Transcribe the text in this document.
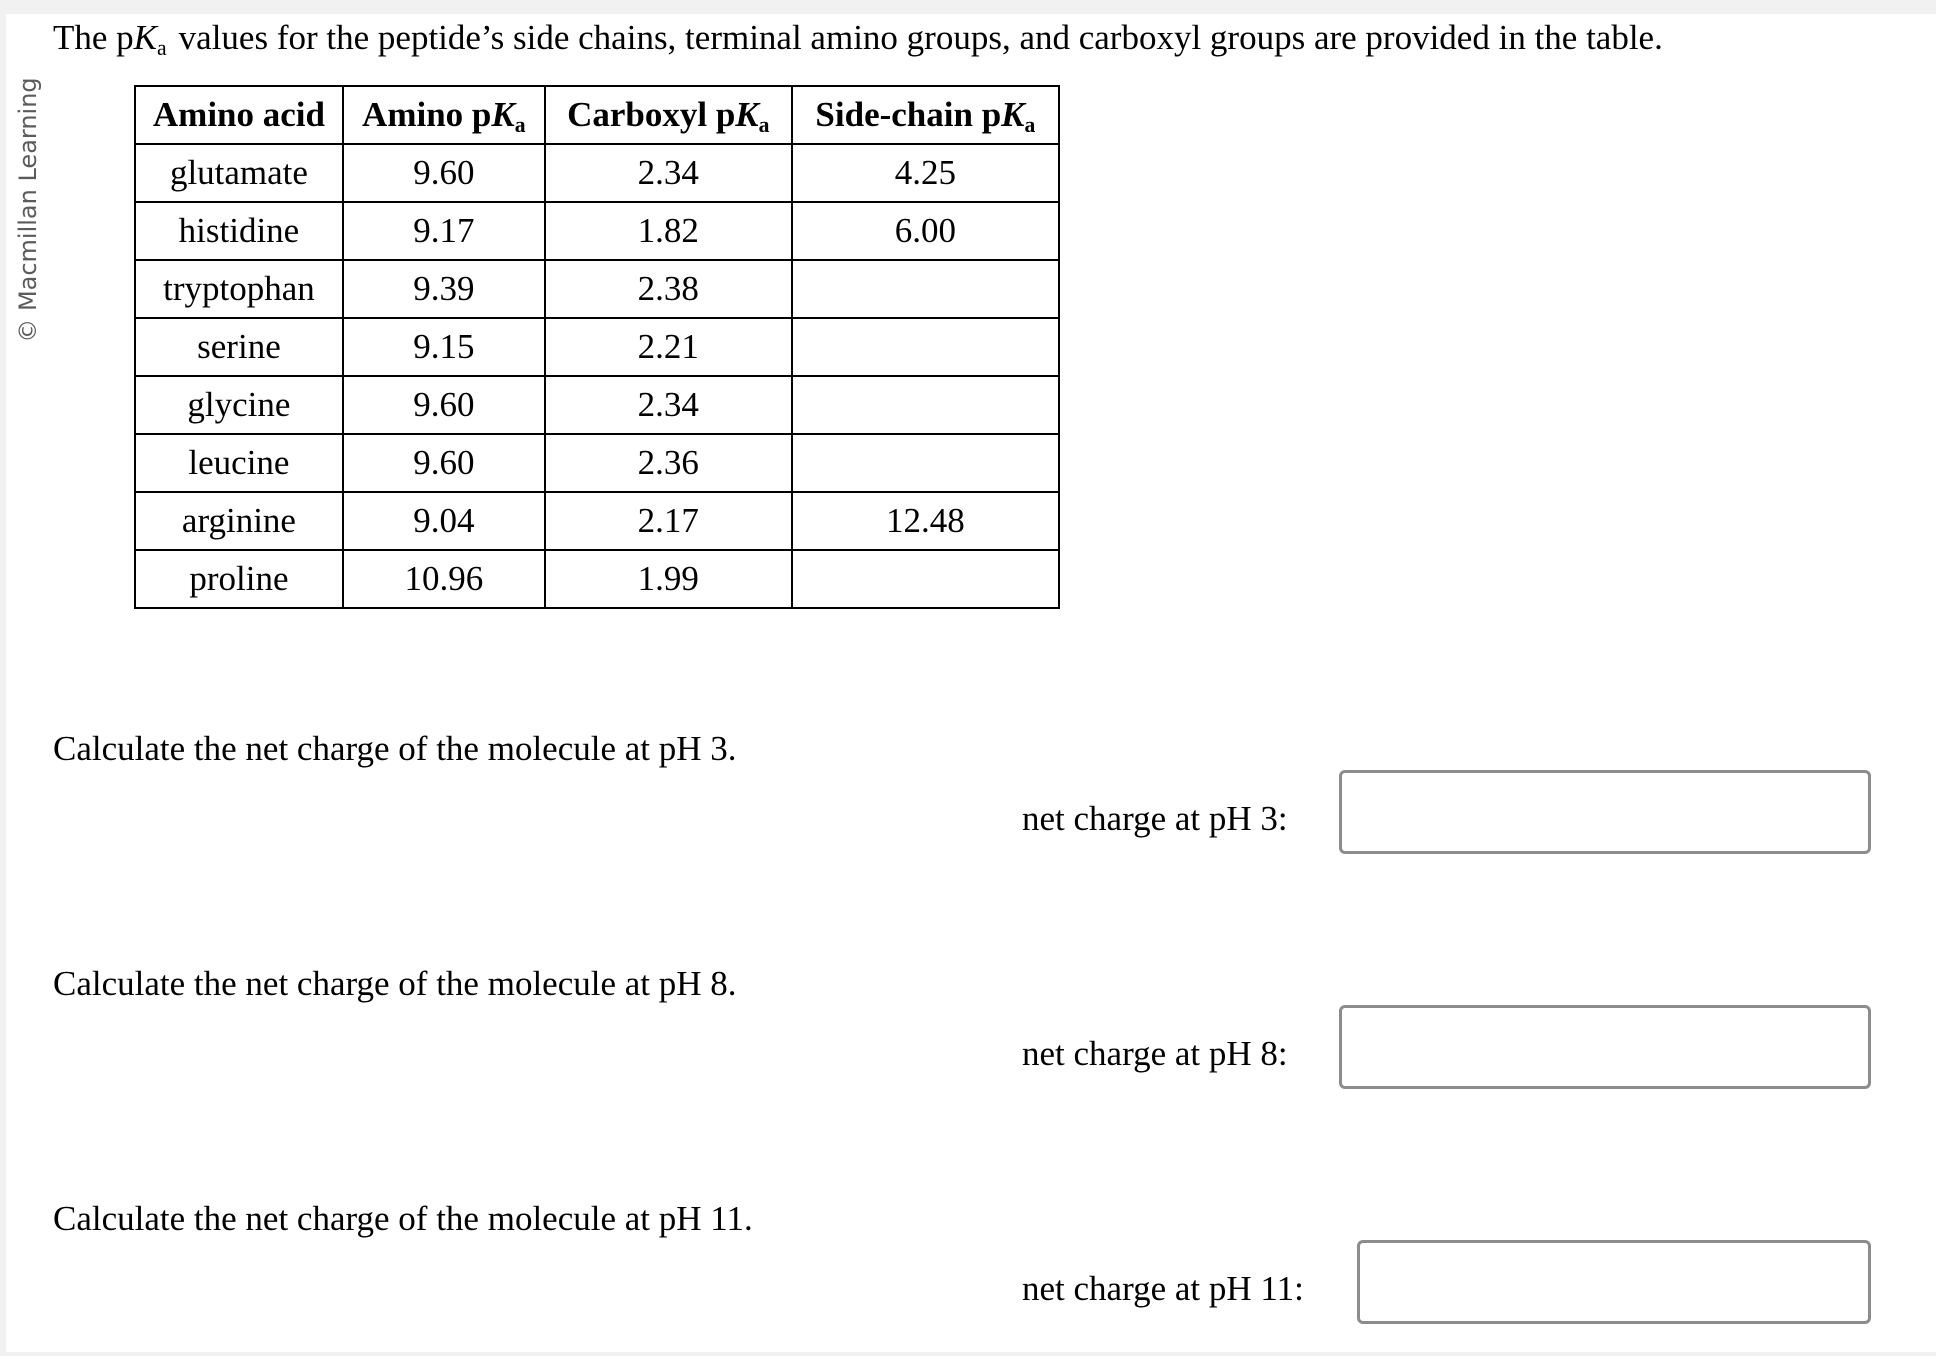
© Macmillan Learning
The $pK_a$ values for the peptide’s side chains, terminal amino groups, and carboxyl groups are provided in the table.
Amino acid	Amino $pK_a$	Carboxyl $pK_a$	Side-chain $pK_a$
glutamate	9.60	2.34	4.25
histidine	9.17	1.82	6.00
tryptophan	9.39	2.38	
serine	9.15	2.21	
glycine	9.60	2.34	
leucine	9.60	2.36	
arginine	9.04	2.17	12.48
proline	10.96	1.99	
Calculate the net charge of the molecule at pH 3.
net charge at pH 3:
Calculate the net charge of the molecule at pH 8.
net charge at pH 8:
Calculate the net charge of the molecule at pH 11.
net charge at pH 11:
